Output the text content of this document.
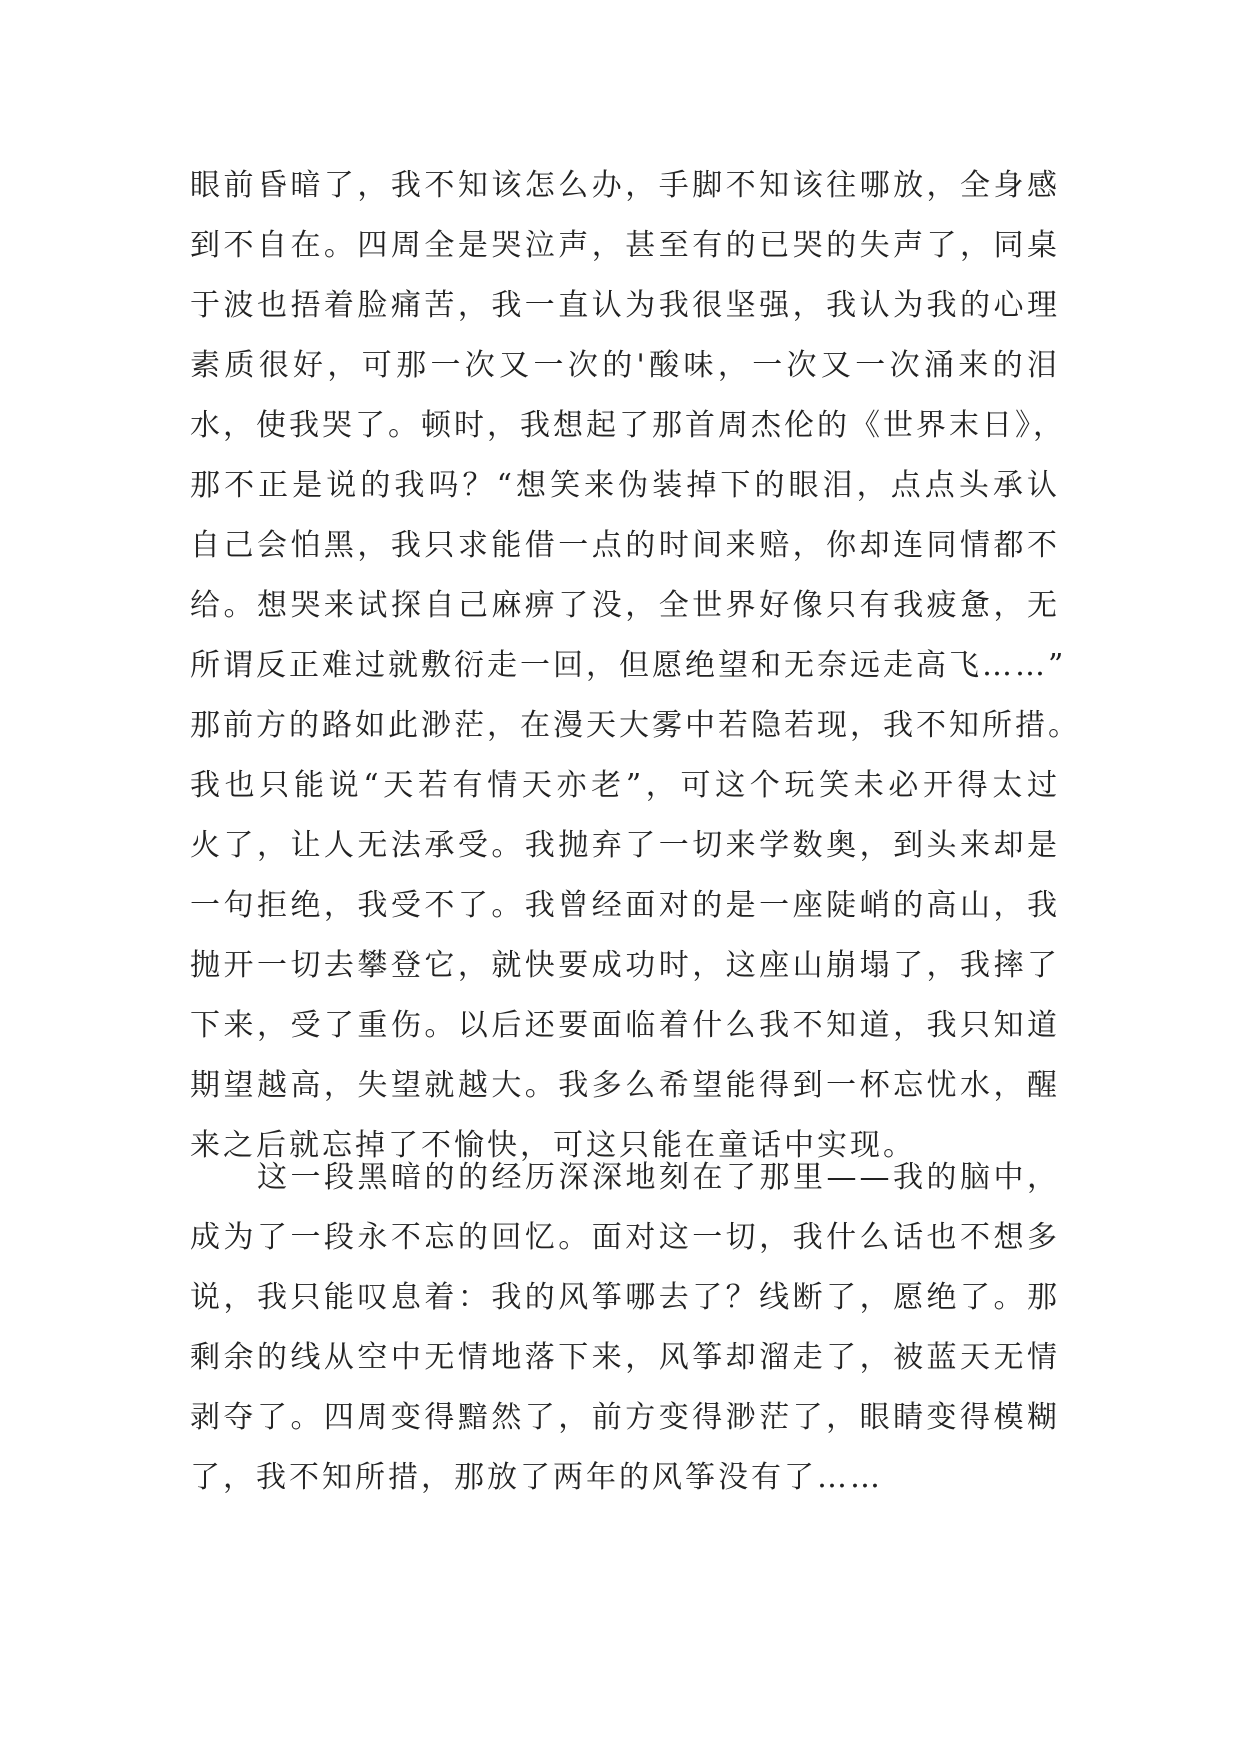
眼前昏暗了，我不知该怎么办，手脚不知该往哪放，全身感
到不自在。四周全是哭泣声，甚至有的已哭的失声了，同桌
于波也捂着脸痛苦，我一直认为我很坚强，我认为我的心理
素质很好，可那一次又一次的'酸味，一次又一次涌来的泪
水，使我哭了。顿时，我想起了那首周杰伦的《世界末日》，
那不正是说的我吗？“想笑来伪装掉下的眼泪，点点头承认
自己会怕黑，我只求能借一点的时间来赔，你却连同情都不
给。想哭来试探自己麻痹了没，全世界好像只有我疲惫，无
所谓反正难过就敷衍走一回，但愿绝望和无奈远走高飞……”
那前方的路如此渺茫，在漫天大雾中若隐若现，我不知所措。
我也只能说“天若有情天亦老”，可这个玩笑未必开得太过
火了，让人无法承受。我抛弃了一切来学数奥，到头来却是
一句拒绝，我受不了。我曾经面对的是一座陡峭的高山，我
抛开一切去攀登它，就快要成功时，这座山崩塌了，我摔了
下来，受了重伤。以后还要面临着什么我不知道，我只知道
期望越高，失望就越大。我多么希望能得到一杯忘忧水，醒
来之后就忘掉了不愉快，可这只能在童话中实现。
　　这一段黑暗的的经历深深地刻在了那里——我的脑中，
成为了一段永不忘的回忆。面对这一切，我什么话也不想多
说，我只能叹息着：我的风筝哪去了？线断了，愿绝了。那
剩余的线从空中无情地落下来，风筝却溜走了，被蓝天无情
剥夺了。四周变得黯然了，前方变得渺茫了，眼睛变得模糊
了，我不知所措，那放了两年的风筝没有了……
